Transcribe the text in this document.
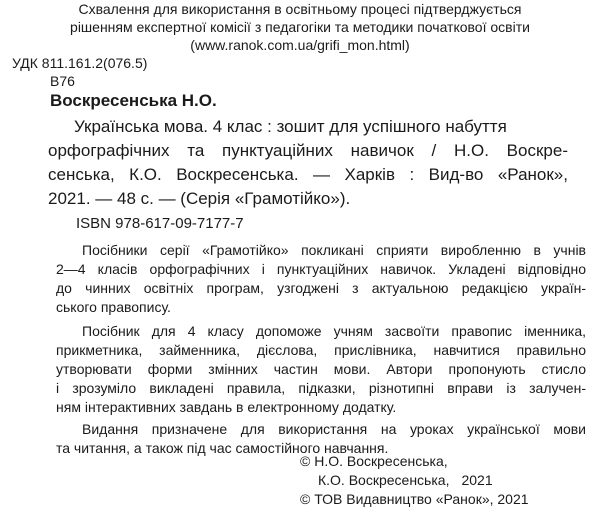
Схвалення для використання в освітньому процесі підтверджується
рішенням експертної комісії з педагогіки та методики початкової освіти
(www.ranok.com.ua/grifi_mon.html)
УДК 811.161.2(076.5)
В76
Воскресенська Н.О.
Українська мова. 4 клас : зошит для успішного набуття
орфографічних та пунктуаційних навичок / Н.О. Воскре-
сенська, К.О. Воскресенська. — Харків : Вид-во «Ранок»,
2021. — 48 с. — (Серія «Грамотійко»).
ISBN 978-617-09-7177-7
Посібники серії «Грамотійко» покликані сприяти виробленню в учнів
2—4 класів орфографічних і пунктуаційних навичок. Укладені відповідно
до чинних освітніх програм, узгоджені з актуальною редакцією україн-
ського правопису.
Посібник для 4 класу допоможе учням засвоїти правопис іменника,
прикметника, займенника, дієслова, прислівника, навчитися правильно
утворювати форми змінних частин мови. Автори пропонують стисло
і зрозуміло викладені правила, підказки, різнотипні вправи із залучен-
ням інтерактивних завдань в електронному додатку.
Видання призначене для використання на уроках української мови
та читання, а також під час самостійного навчання.
© Н.О. Воскресенська,
К.О. Воскресенська, 2021
© ТОВ Видавництво «Ранок», 2021
